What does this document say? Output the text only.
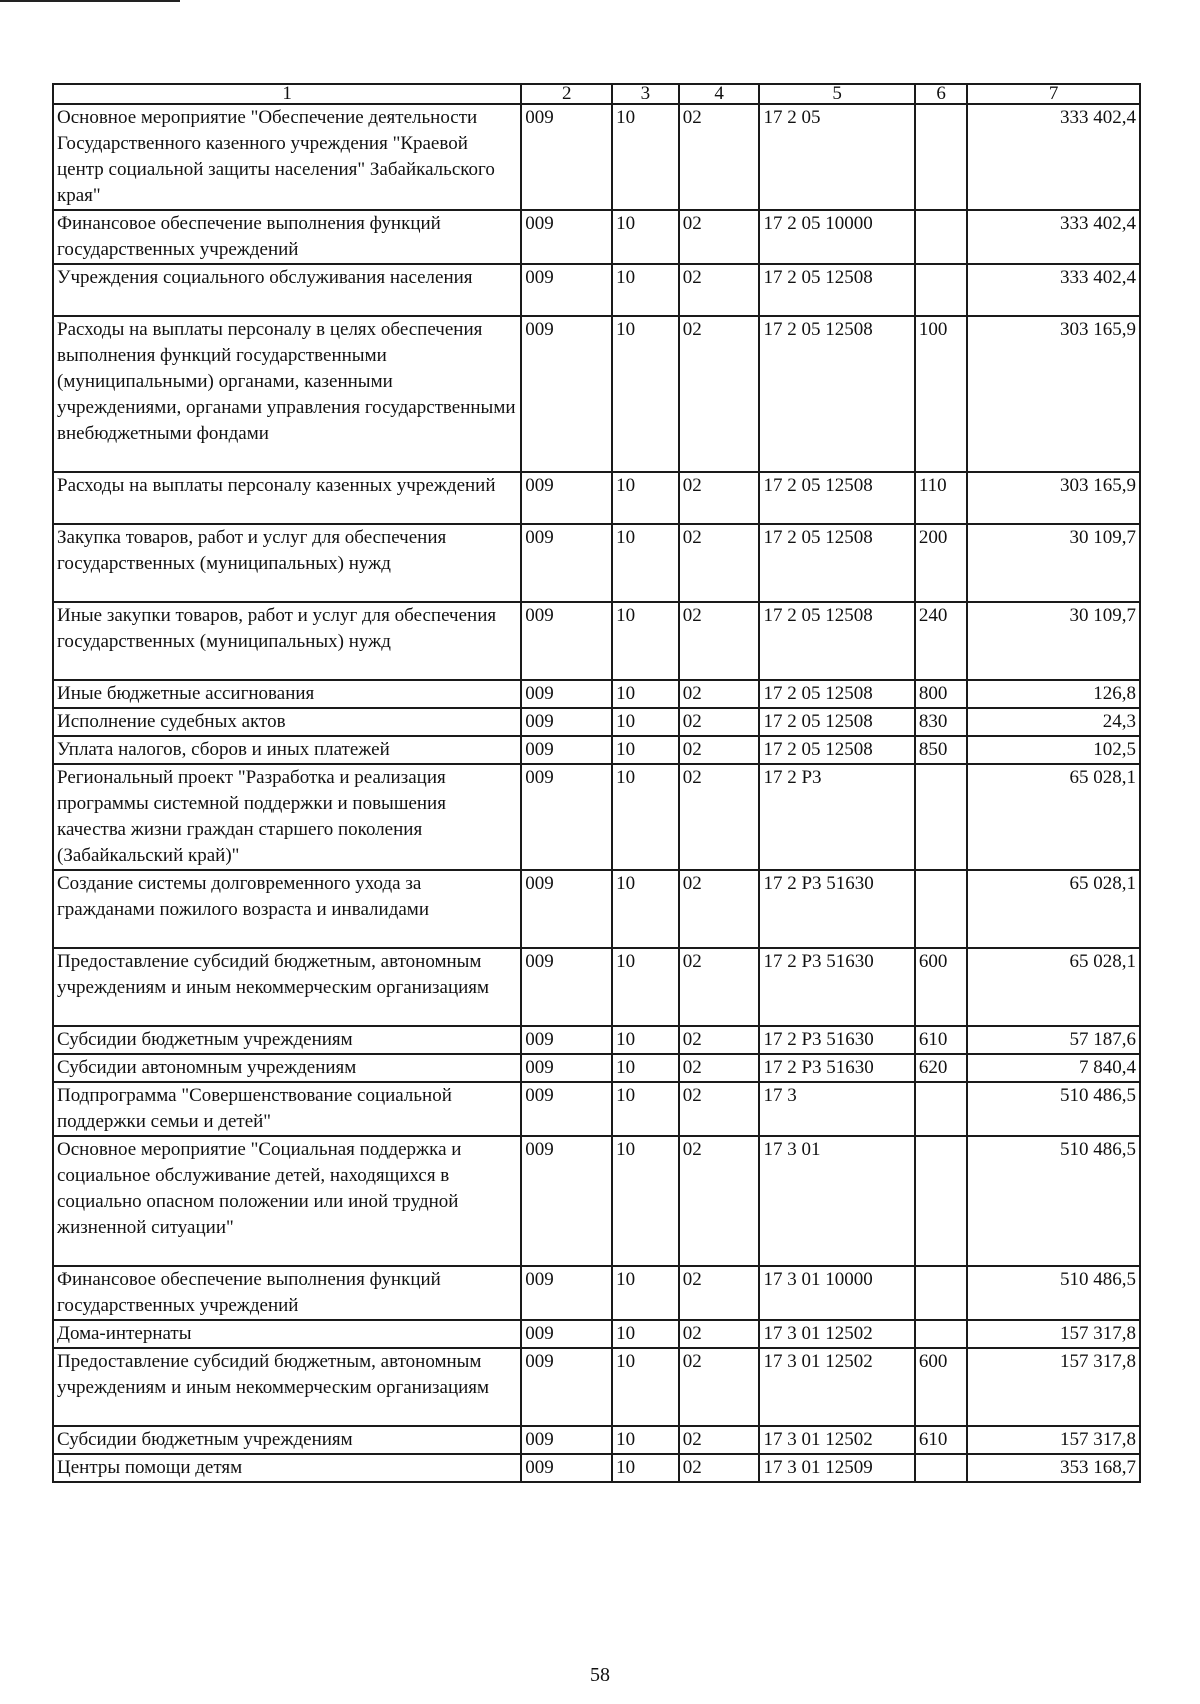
1	2	3	4	5	6	7
Основное мероприятие "Обеспечение деятельности Государственного казенного учреждения "Краевой центр социальной защиты населения" Забайкальского края"	009	10	02	17 2 05		333 402,4
Финансовое обеспечение выполнения функций государственных учреждений	009	10	02	17 2 05 10000		333 402,4
Учреждения социального обслуживания населения	009	10	02	17 2 05 12508		333 402,4
Расходы на выплаты персоналу в целях обеспечения выполнения функций государственными (муниципальными) органами, казенными учреждениями, органами управления государственными внебюджетными фондами	009	10	02	17 2 05 12508	100	303 165,9
Расходы на выплаты персоналу казенных учреждений	009	10	02	17 2 05 12508	110	303 165,9
Закупка товаров, работ и услуг для обеспечения государственных (муниципальных) нужд	009	10	02	17 2 05 12508	200	30 109,7
Иные закупки товаров, работ и услуг для обеспечения государственных (муниципальных) нужд	009	10	02	17 2 05 12508	240	30 109,7
Иные бюджетные ассигнования	009	10	02	17 2 05 12508	800	126,8
Исполнение судебных актов	009	10	02	17 2 05 12508	830	24,3
Уплата налогов, сборов и иных платежей	009	10	02	17 2 05 12508	850	102,5
Региональный проект "Разработка и реализация программы системной поддержки и повышения качества жизни граждан старшего поколения (Забайкальский край)"	009	10	02	17 2 P3		65 028,1
Создание системы долговременного ухода за гражданами пожилого возраста и инвалидами	009	10	02	17 2 P3 51630		65 028,1
Предоставление субсидий бюджетным, автономным учреждениям и иным некоммерческим организациям	009	10	02	17 2 P3 51630	600	65 028,1
Субсидии бюджетным учреждениям	009	10	02	17 2 P3 51630	610	57 187,6
Субсидии автономным учреждениям	009	10	02	17 2 P3 51630	620	7 840,4
Подпрограмма "Совершенствование социальной поддержки семьи и детей"	009	10	02	17 3		510 486,5
Основное мероприятие "Социальная поддержка и социальное обслуживание детей, находящихся в социально опасном положении или иной трудной жизненной ситуации"	009	10	02	17 3 01		510 486,5
Финансовое обеспечение выполнения функций государственных учреждений	009	10	02	17 3 01 10000		510 486,5
Дома-интернаты	009	10	02	17 3 01 12502		157 317,8
Предоставление субсидий бюджетным, автономным учреждениям и иным некоммерческим организациям	009	10	02	17 3 01 12502	600	157 317,8
Субсидии бюджетным учреждениям	009	10	02	17 3 01 12502	610	157 317,8
Центры помощи детям	009	10	02	17 3 01 12509		353 168,7
58
